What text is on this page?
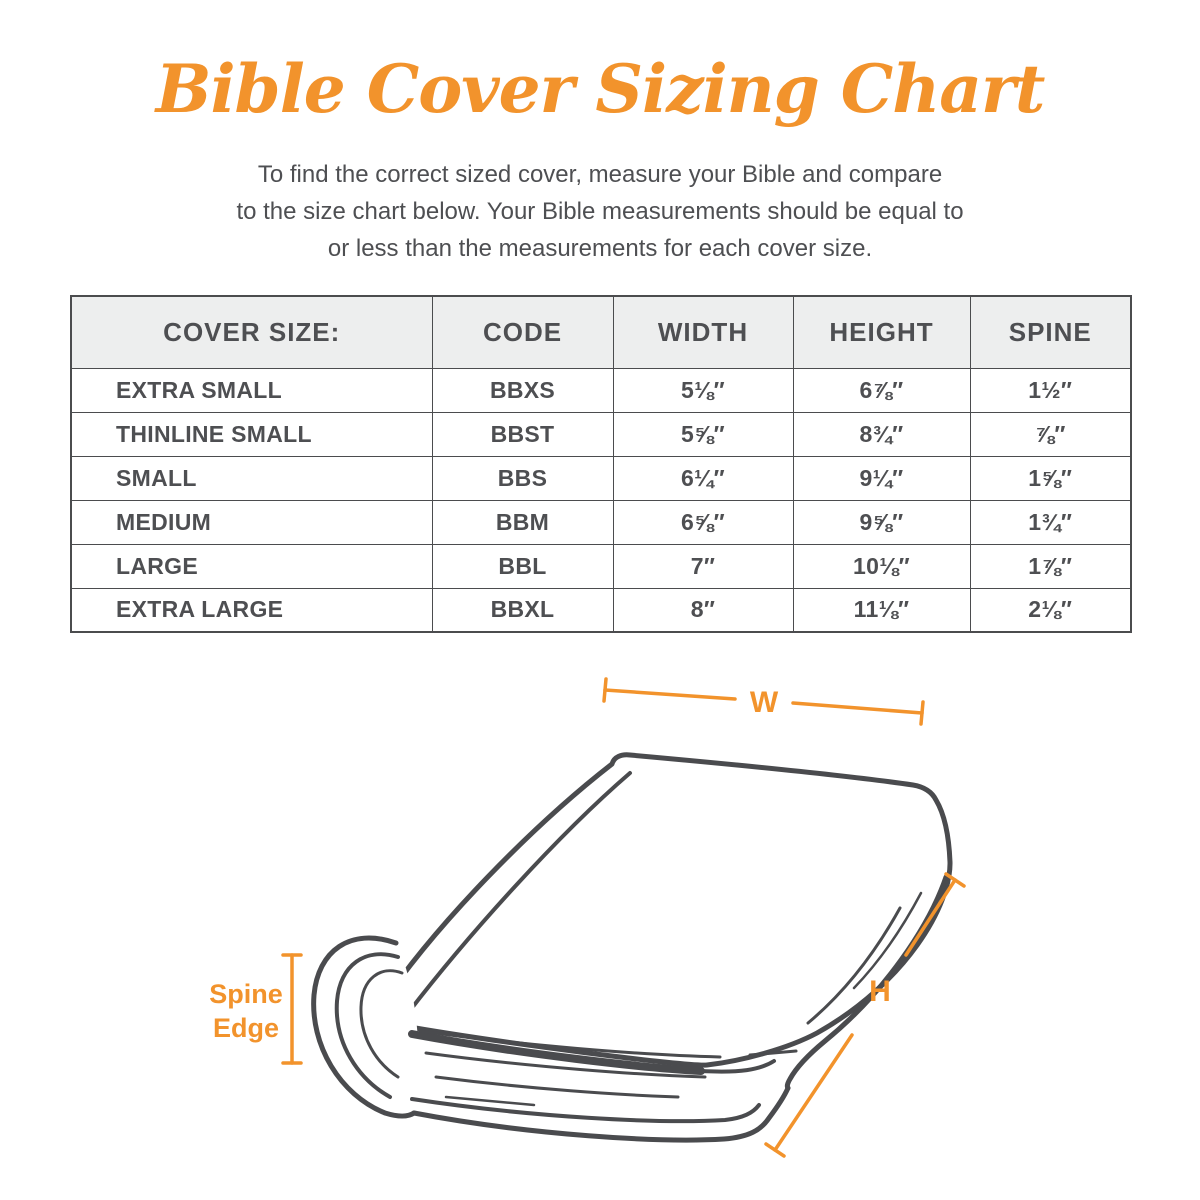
Bible Cover Sizing Chart
To find the correct sized cover, measure your Bible and compare
to the size chart below. Your Bible measurements should be equal to
or less than the measurements for each cover size.
COVER SIZE:	CODE	WIDTH	HEIGHT	SPINE
EXTRA SMALL	BBXS	5⅛″	6⅞″	1½″
THINLINE SMALL	BBST	5⅝″	8¾″	⅞″
SMALL	BBS	6¼″	9¼″	1⅝″
MEDIUM	BBM	6⅝″	9⅝″	1¾″
LARGE	BBL	7″	10⅛″	1⅞″
EXTRA LARGE	BBXL	8″	11⅛″	2⅛″
W
H
Spine
Edge
